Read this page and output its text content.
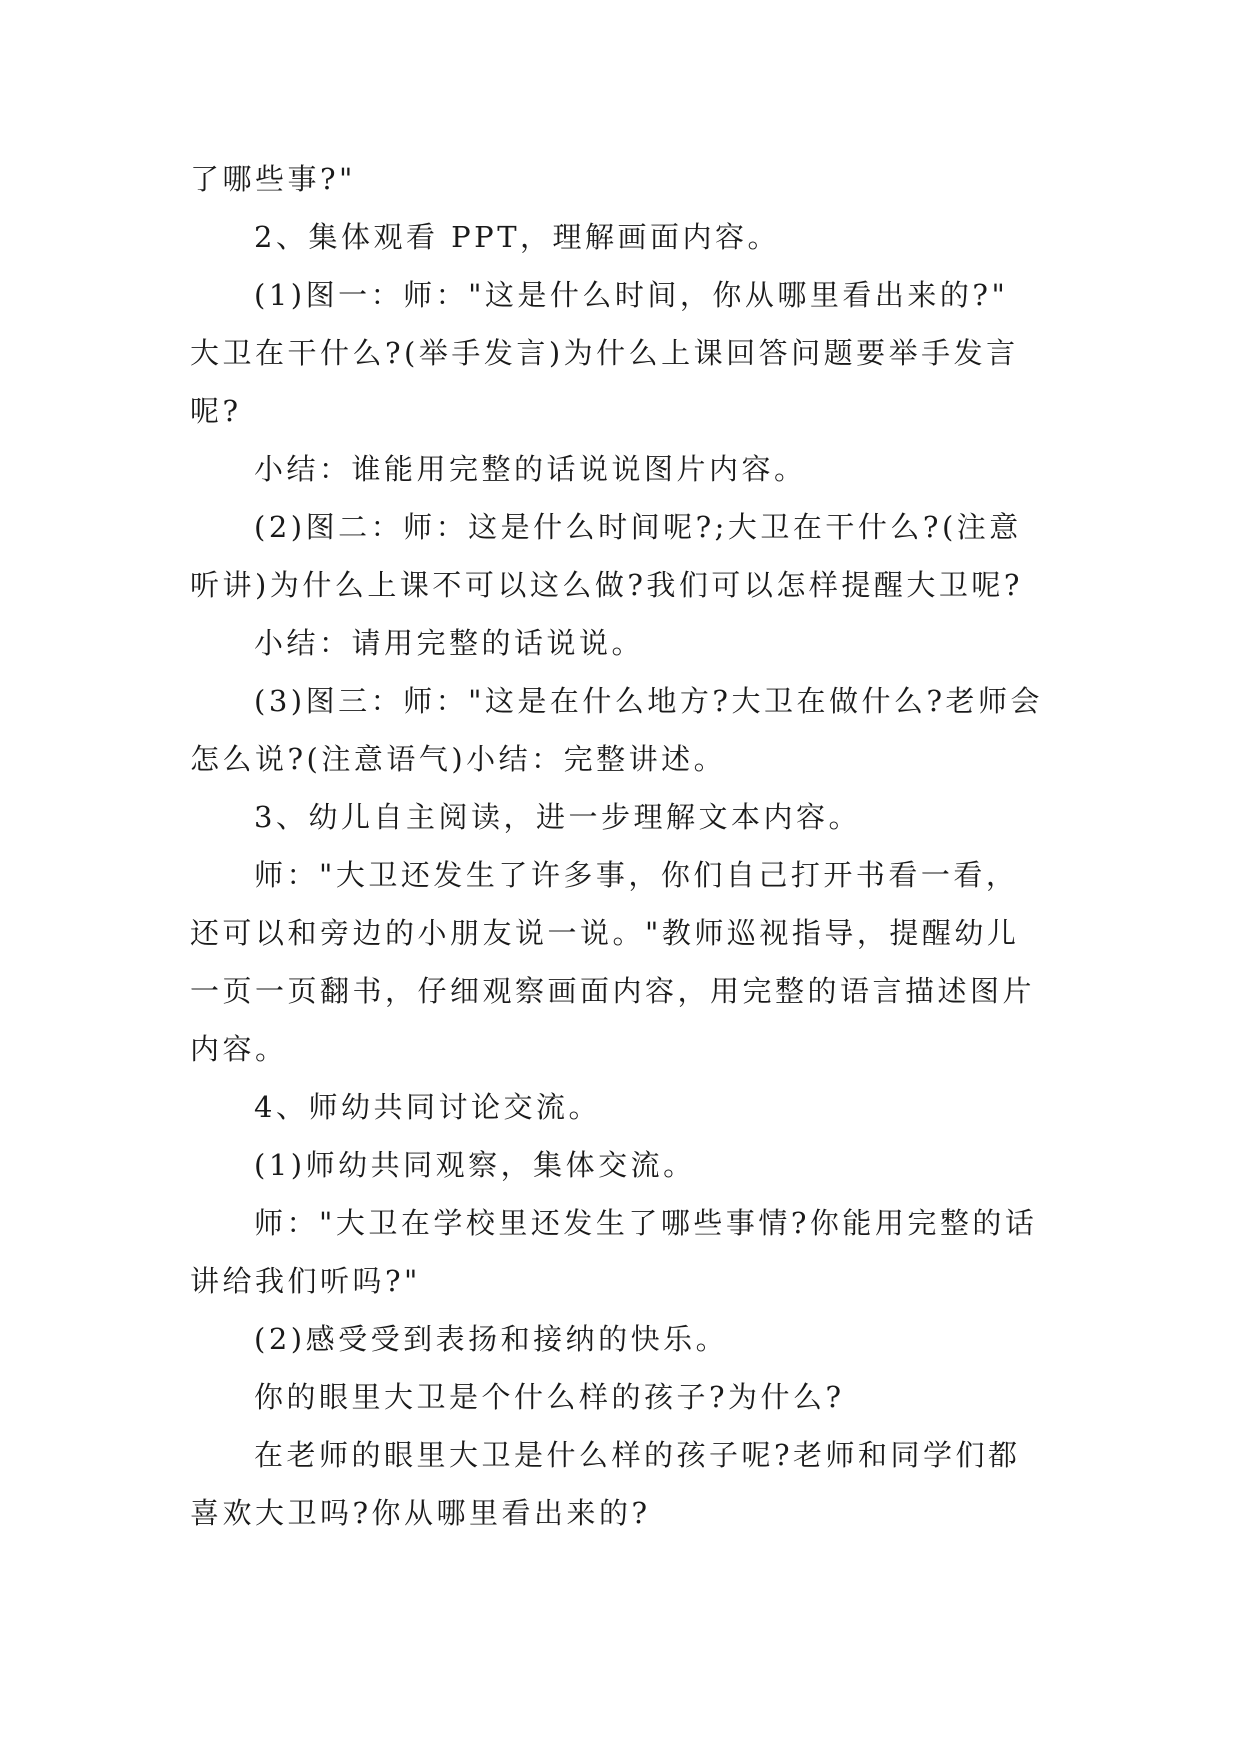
了哪些事?"

2、集体观看 PPT，理解画面内容。

(1)图一：师："这是什么时间，你从哪里看出来的?"

大卫在干什么?(举手发言)为什么上课回答问题要举手发言
呢?

小结：谁能用完整的话说说图片内容。

(2)图二：师：这是什么时间呢?;大卫在干什么?(注意

听讲)为什么上课不可以这么做?我们可以怎样提醒大卫呢?

小结：请用完整的话说说。

(3)图三：师："这是在什么地方?大卫在做什么?老师会

怎么说?(注意语气)小结：完整讲述。

3、幼儿自主阅读，进一步理解文本内容。

师："大卫还发生了许多事，你们自己打开书看一看，

还可以和旁边的小朋友说一说。"教师巡视指导，提醒幼儿
一页一页翻书，仔细观察画面内容，用完整的语言描述图片
内容。

4、师幼共同讨论交流。

(1)师幼共同观察，集体交流。

师："大卫在学校里还发生了哪些事情?你能用完整的话

讲给我们听吗?"

(2)感受受到表扬和接纳的快乐。

你的眼里大卫是个什么样的孩子?为什么?

在老师的眼里大卫是什么样的孩子呢?老师和同学们都

喜欢大卫吗?你从哪里看出来的?
